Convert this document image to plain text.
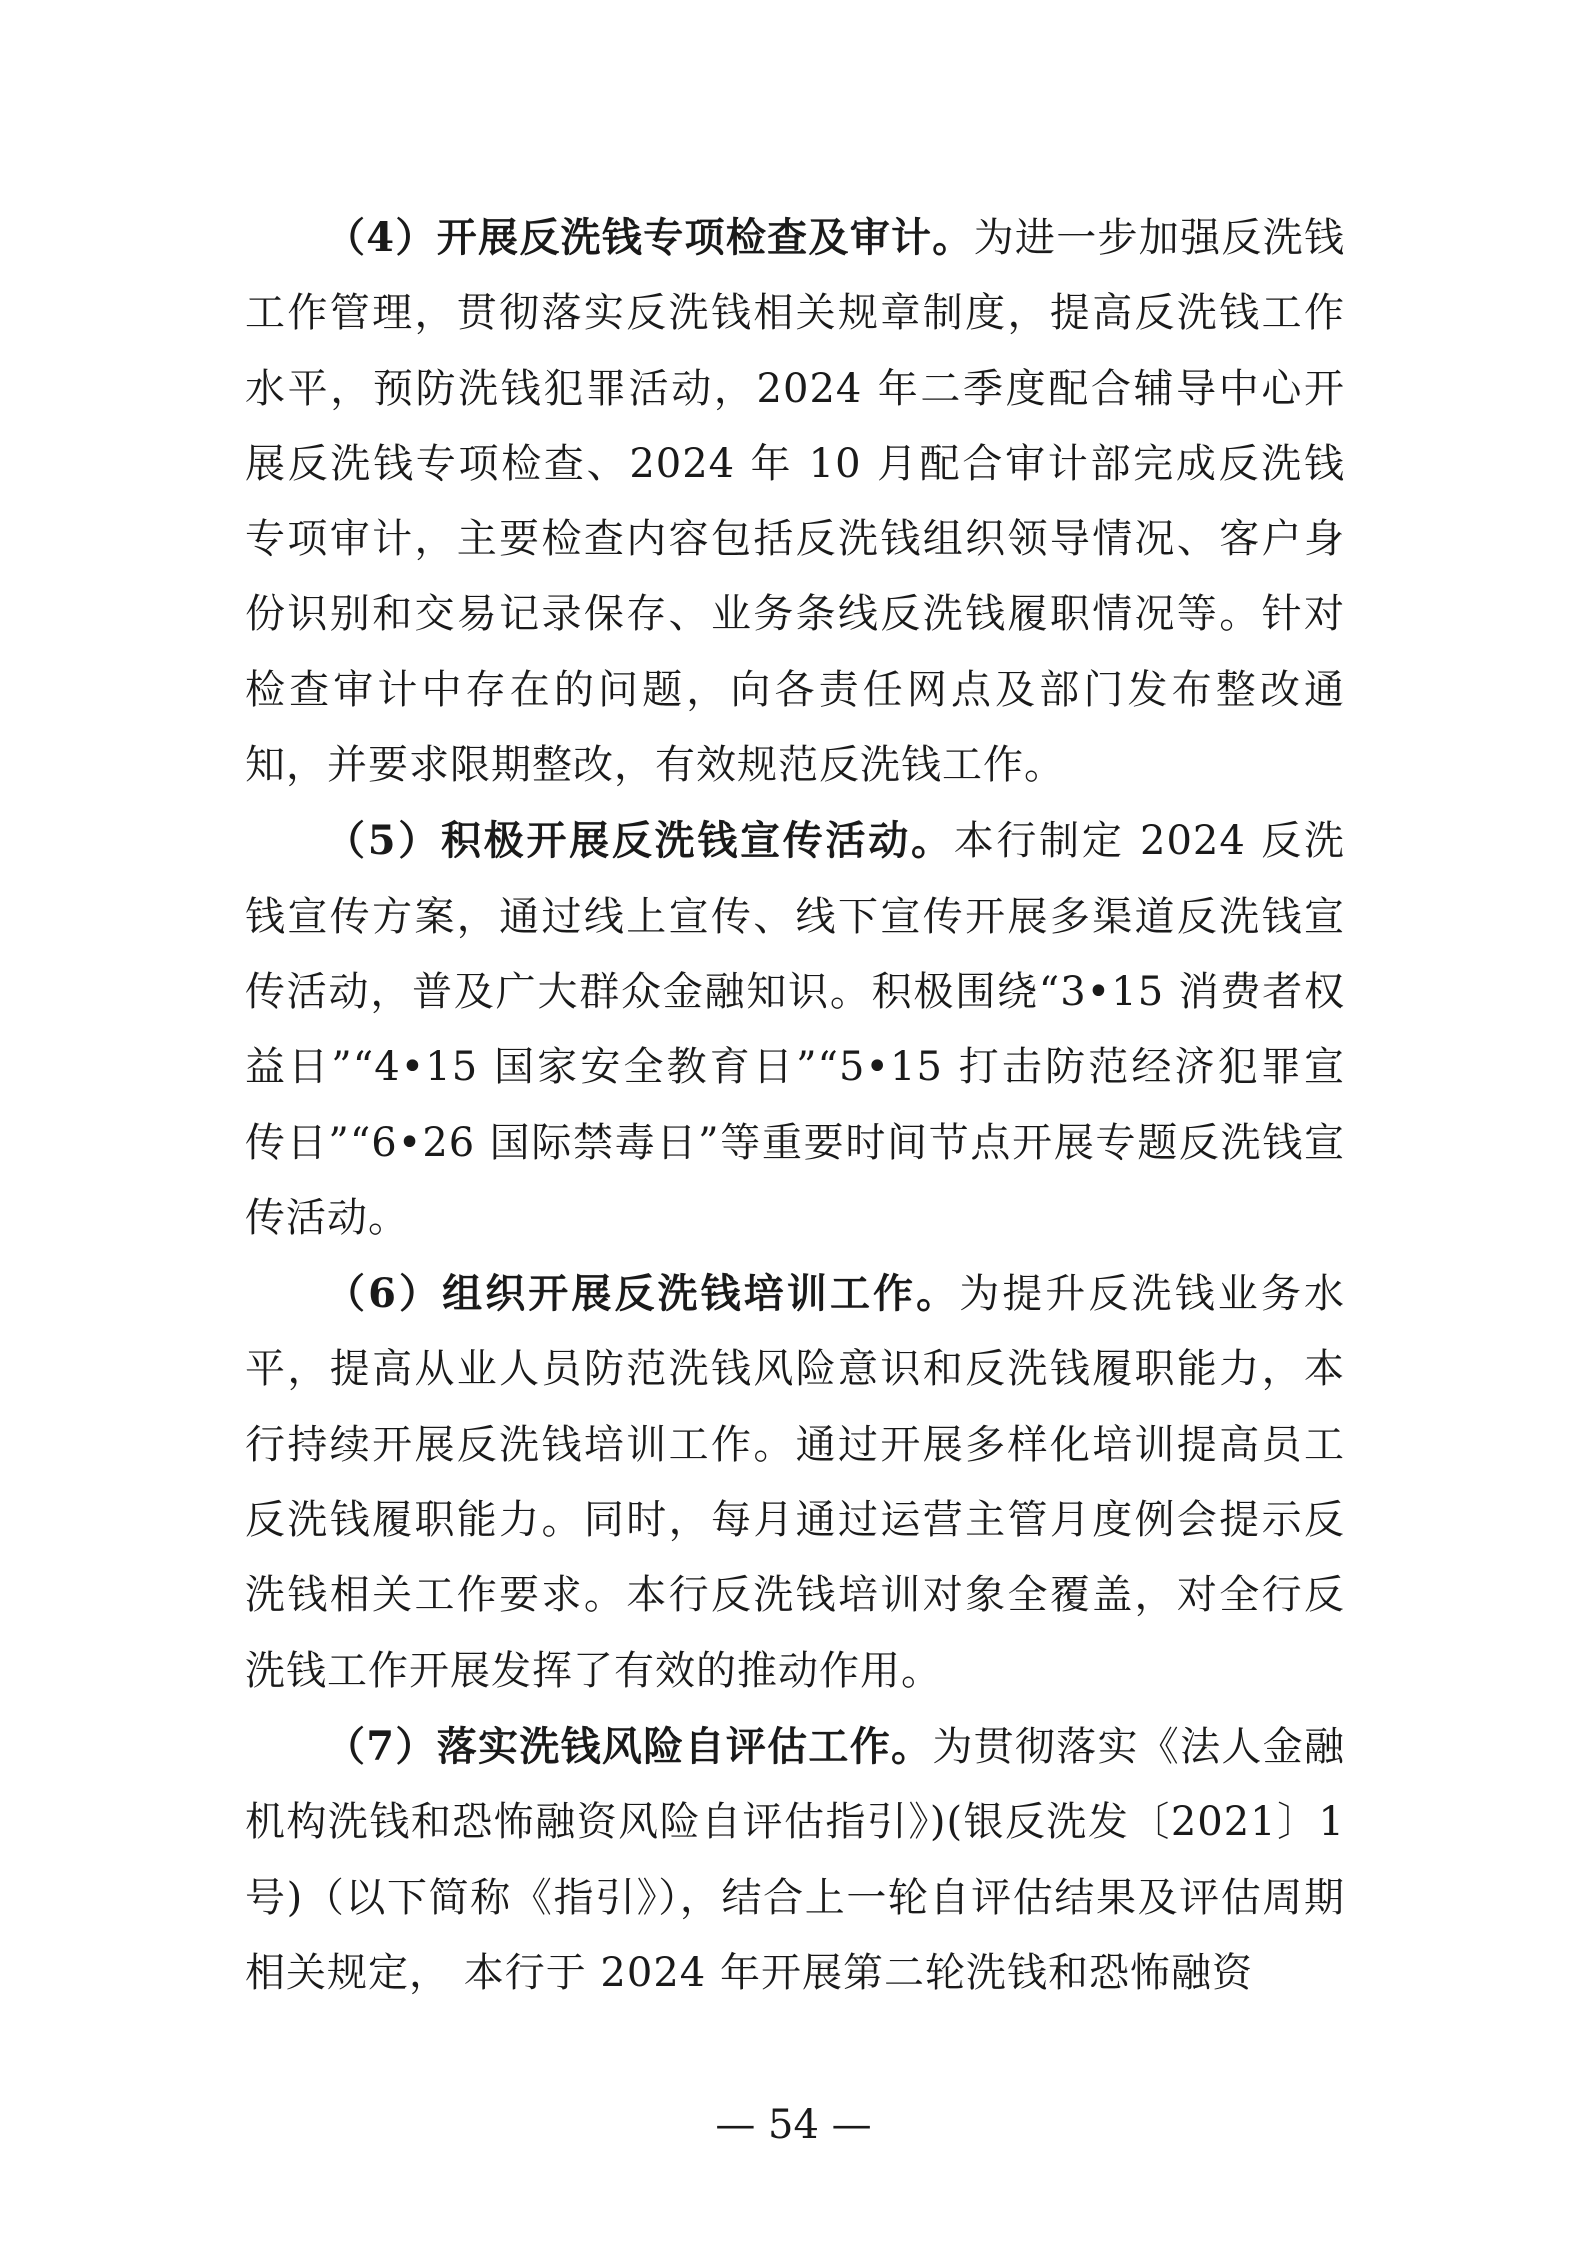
（4）开展反洗钱专项检查及审计。为进一步加强反洗钱工作管理，贯彻落实反洗钱相关规章制度，提高反洗钱工作水平，预防洗钱犯罪活动，2024 年二季度配合辅导中心开展反洗钱专项检查、2024 年 10 月配合审计部完成反洗钱专项审计，主要检查内容包括反洗钱组织领导情况、客户身份识别和交易记录保存、业务条线反洗钱履职情况等。针对检查审计中存在的问题，向各责任网点及部门发布整改通知，并要求限期整改，有效规范反洗钱工作。

（5）积极开展反洗钱宣传活动。本行制定 2024 反洗钱宣传方案，通过线上宣传、线下宣传开展多渠道反洗钱宣传活动，普及广大群众金融知识。积极围绕“3•15 消费者权益日”“4•15 国家安全教育日”“5•15 打击防范经济犯罪宣传日”“6•26 国际禁毒日”等重要时间节点开展专题反洗钱宣传活动。

（6）组织开展反洗钱培训工作。为提升反洗钱业务水平，提高从业人员防范洗钱风险意识和反洗钱履职能力，本行持续开展反洗钱培训工作。通过开展多样化培训提高员工反洗钱履职能力。同时，每月通过运营主管月度例会提示反洗钱相关工作要求。本行反洗钱培训对象全覆盖，对全行反洗钱工作开展发挥了有效的推动作用。

（7）落实洗钱风险自评估工作。为贯彻落实《法人金融机构洗钱和恐怖融资风险自评估指引》)(银反洗发〔2021〕1 号)（以下简称《指引》），结合上一轮自评估结果及评估周期相关规定， 本行于 2024 年开展第二轮洗钱和恐怖融资

— 54 —
